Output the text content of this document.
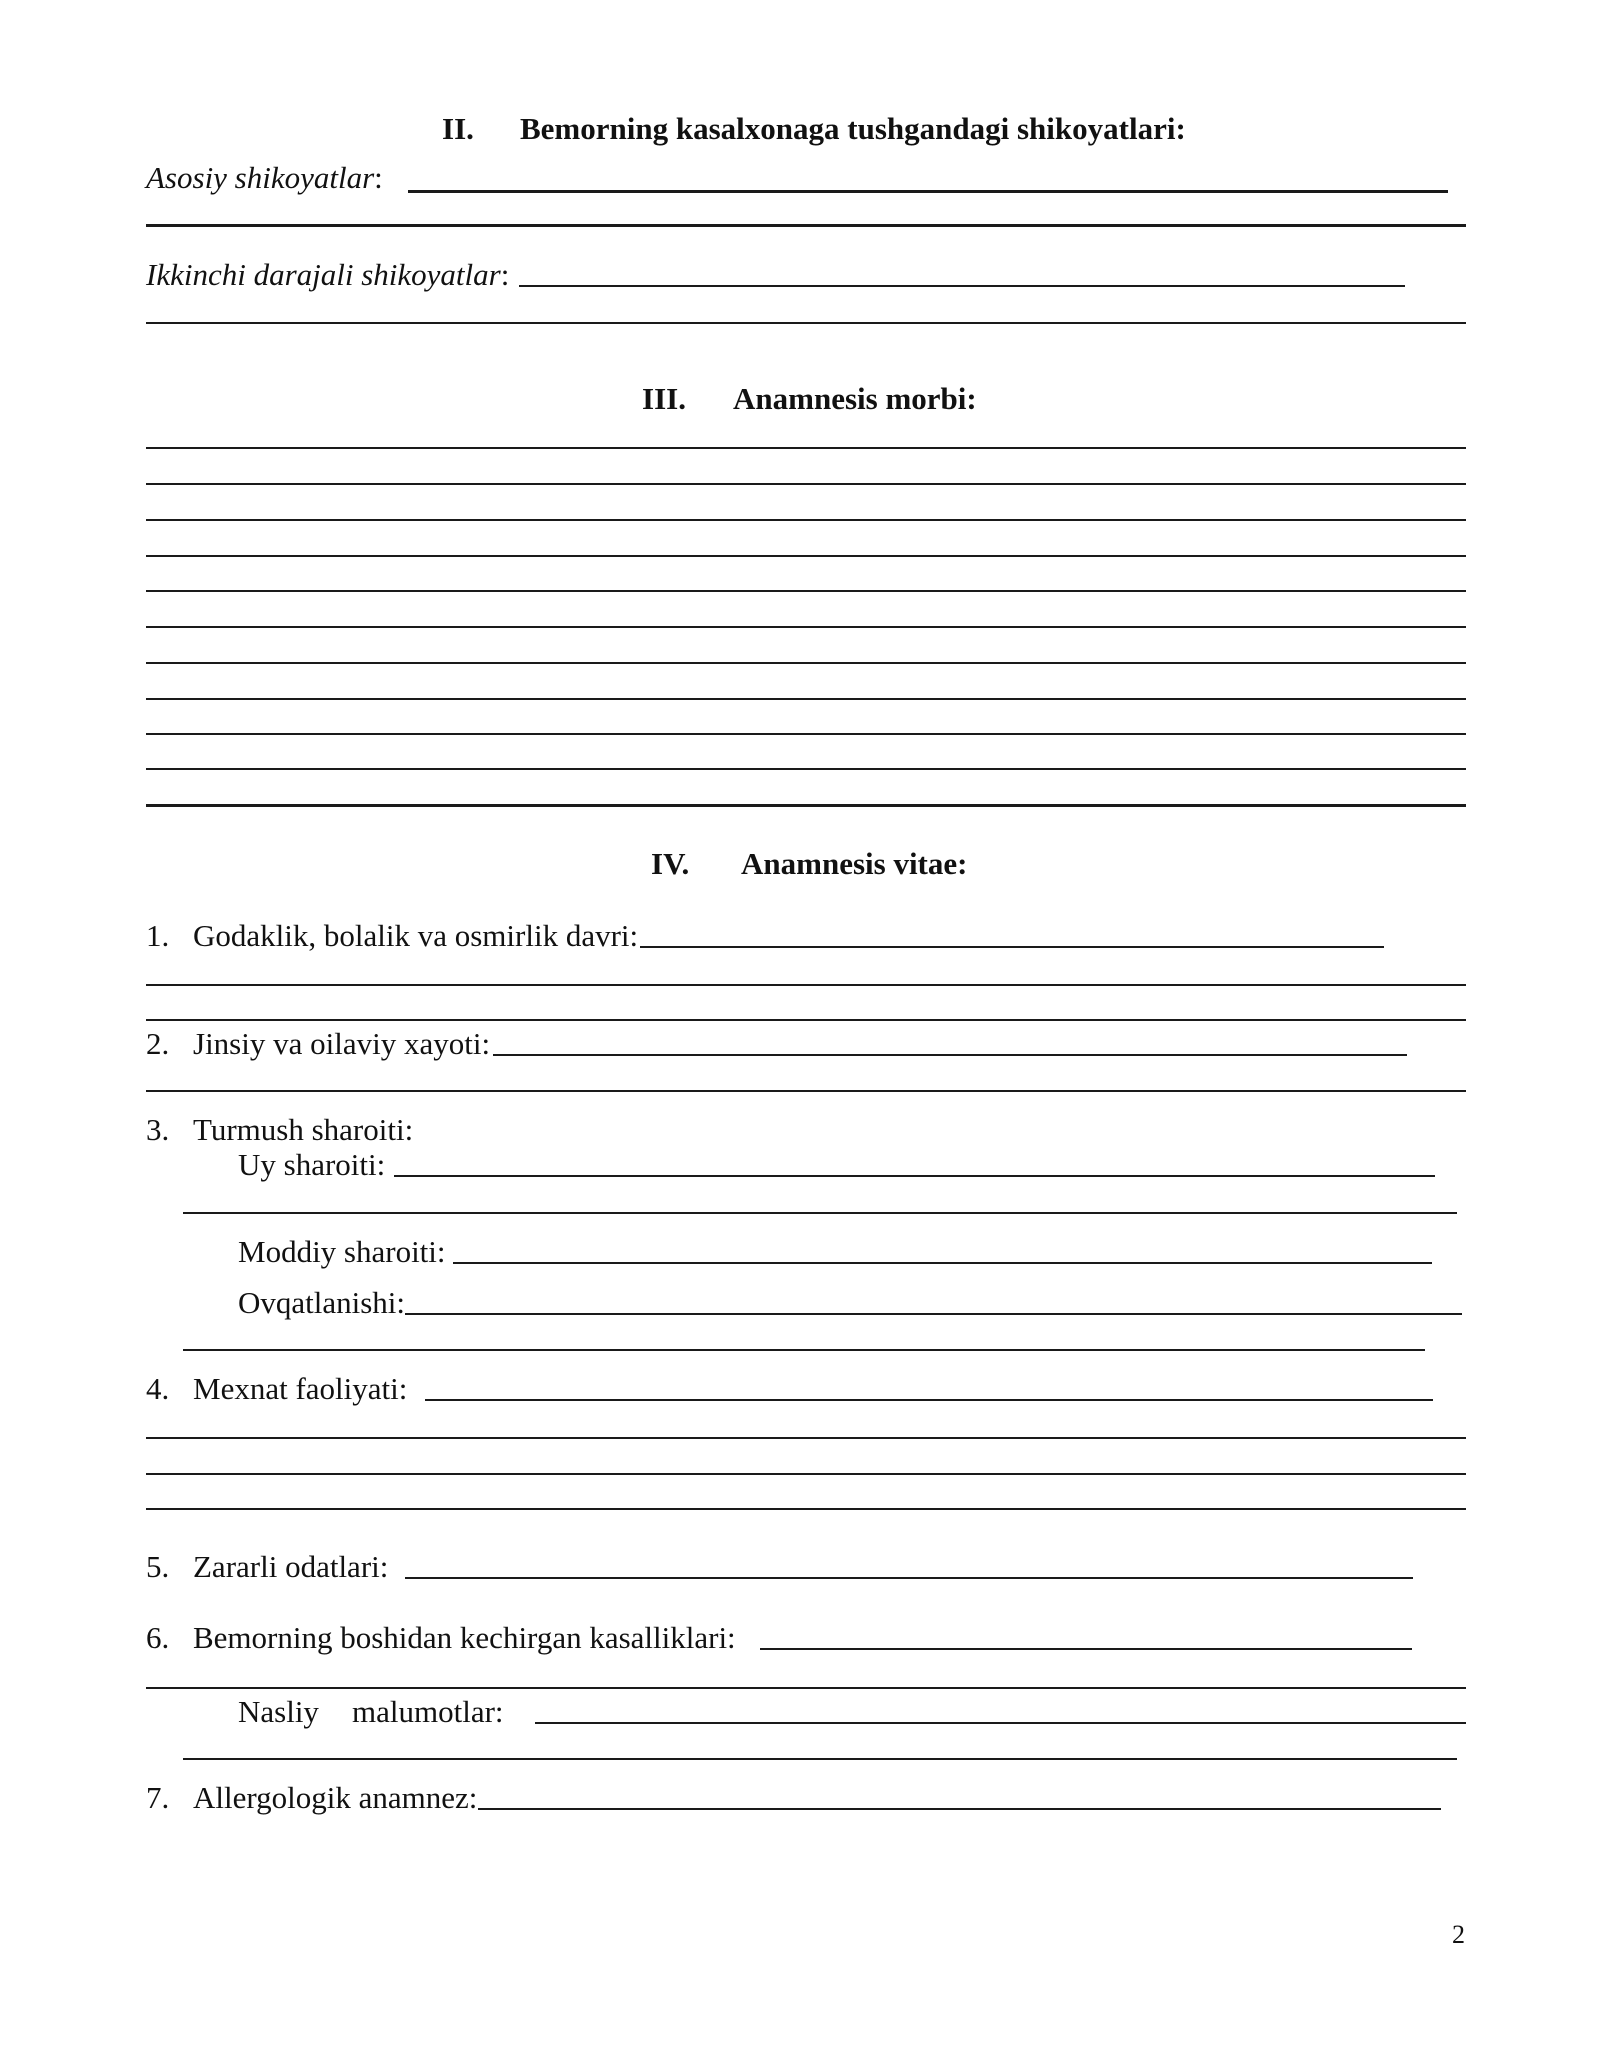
II. Bemorning kasalxonaga tushgandagi shikoyatlari:
Asosiy shikoyatlar:
Ikkinchi darajali shikoyatlar:
III. Anamnesis morbi:
IV. Anamnesis vitae:
1. Godaklik, bolalik va osmirlik davri:
2. Jinsiy va oilaviy xayoti:
3. Turmush sharoiti:
Uy sharoiti:
Moddiy sharoiti:
Ovqatlanishi:
4. Mexnat faoliyati:
5. Zararli odatlari:
6. Bemorning boshidan kechirgan kasalliklari:
Nasliy malumotlar:
7. Allergologik anamnez:
2
